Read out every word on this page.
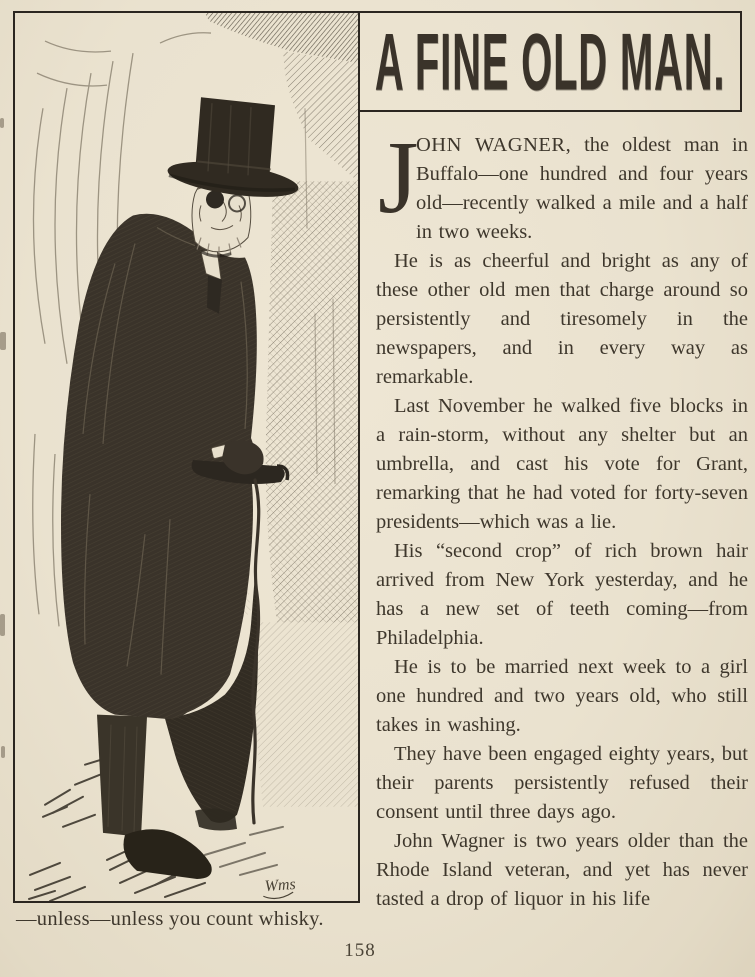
Wms
A FINE OLD MAN.

J
OHN WAGNER, the oldest man in Buffalo—one hundred and four years old—recently walked a mile and a half in two weeks.

He is as cheerful and bright as any of these other old men that charge around so persistently and tiresomely in the newspapers, and in every way as remarkable.

Last November he walked five blocks in a rain-storm, without any shelter but an umbrella, and cast his vote for Grant, remarking that he had voted for forty-seven presidents—which was a lie.

His “second crop” of rich brown hair arrived from New York yesterday, and he has a new set of teeth coming—from Philadelphia.

He is to be married next week to a girl one hundred and two years old, who still takes in washing.

They have been engaged eighty years, but their parents persistently refused their consent until three days ago.

John Wagner is two years older than the Rhode Island veteran, and yet has never tasted a drop of liquor in his life

—unless—unless you count whisky.
158
